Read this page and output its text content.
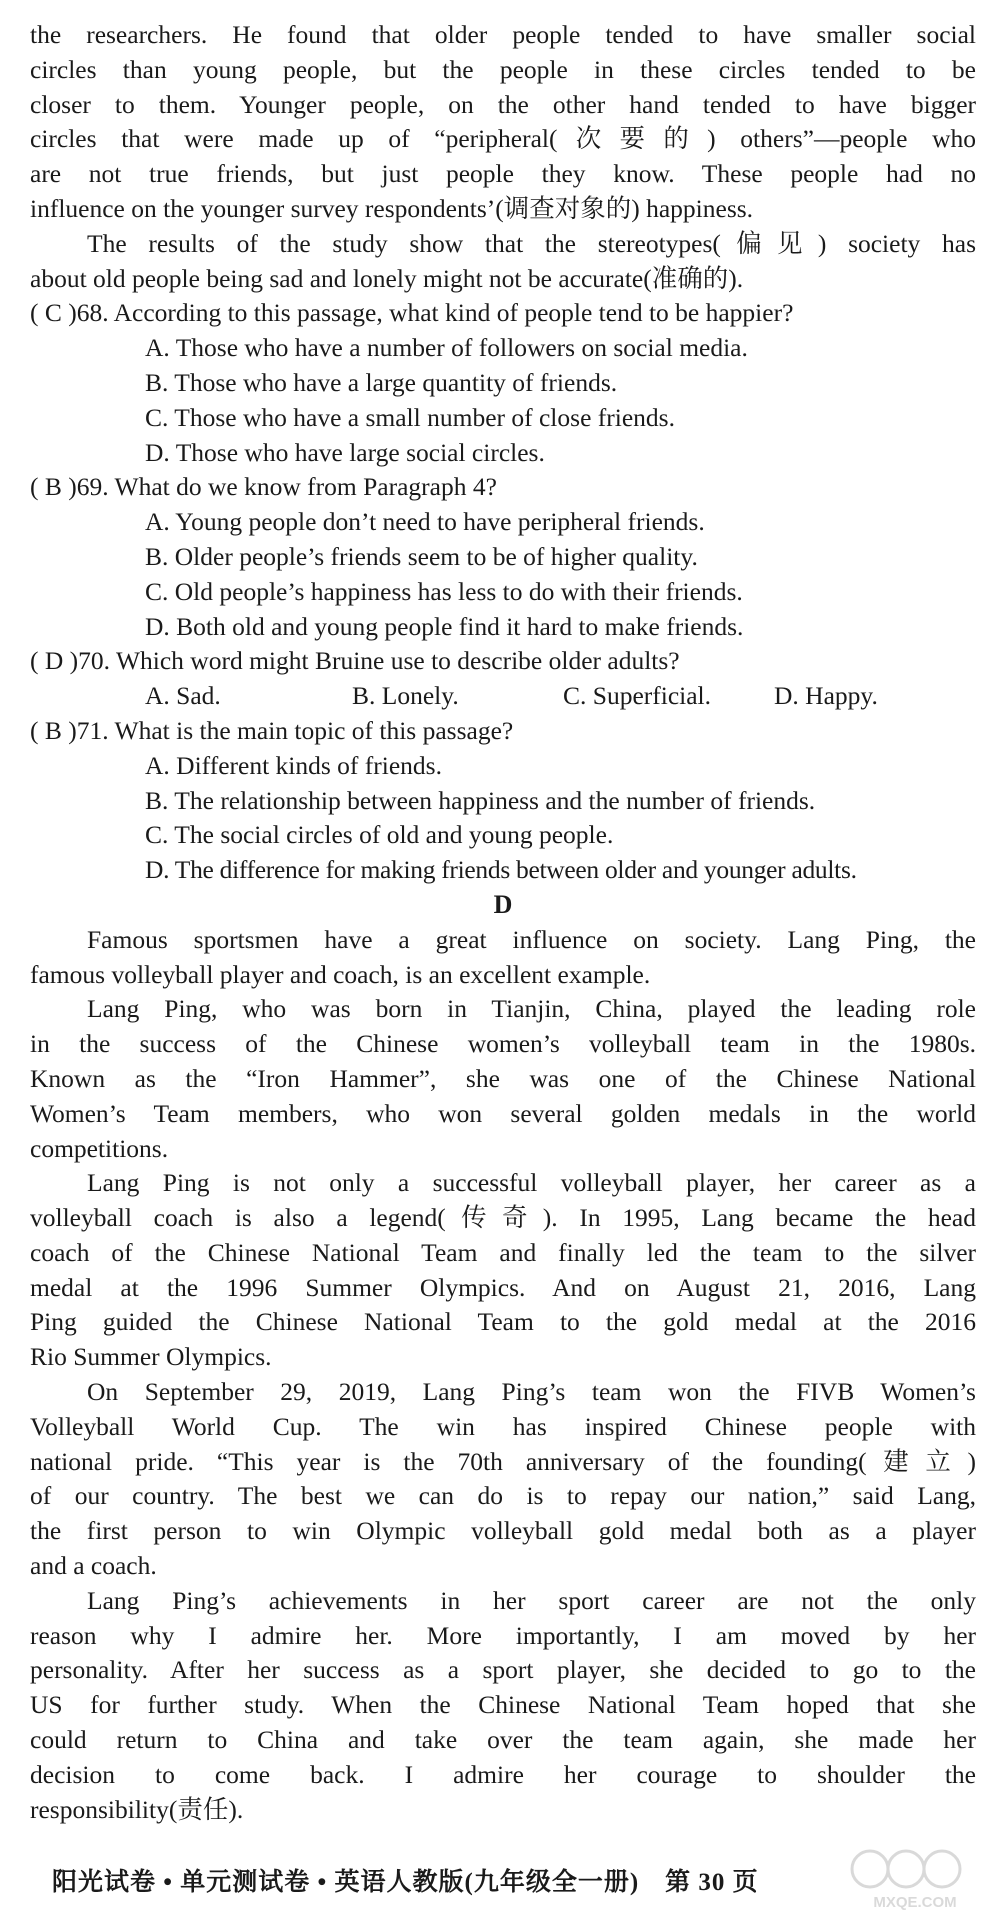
the researchers. He found that older people tended to have smaller social
circles than young people, but the people in these circles tended to be
closer to them. Younger people, on the other hand tended to have bigger
circles that were made up of “peripheral(次要的) others”—people who
are not true friends, but just people they know. These people had no
influence on the younger survey respondents’(调查对象的) happiness.
The results of the study show that the stereotypes(偏见) society has
about old people being sad and lonely might not be accurate(准确的).
( C )68. According to this passage, what kind of people tend to be happier?
A. Those who have a number of followers on social media.
B. Those who have a large quantity of friends.
C. Those who have a small number of close friends.
D. Those who have large social circles.
( B )69. What do we know from Paragraph 4?
A. Young people don’t need to have peripheral friends.
B. Older people’s friends seem to be of higher quality.
C. Old people’s happiness has less to do with their friends.
D. Both old and young people find it hard to make friends.
( D )70. Which word might Bruine use to describe older adults?
A. Sad.	B. Lonely.	C. Superficial.	D. Happy.
( B )71. What is the main topic of this passage?
A. Different kinds of friends.
B. The relationship between happiness and the number of friends.
C. The social circles of old and young people.
D. The difference for making friends between older and younger adults.
D
Famous sportsmen have a great influence on society. Lang Ping, the
famous volleyball player and coach, is an excellent example.
Lang Ping, who was born in Tianjin, China, played the leading role
in the success of the Chinese women’s volleyball team in the 1980s.
Known as the “Iron Hammer”, she was one of the Chinese National
Women’s Team members, who won several golden medals in the world
competitions.
Lang Ping is not only a successful volleyball player, her career as a
volleyball coach is also a legend(传奇). In 1995, Lang became the head
coach of the Chinese National Team and finally led the team to the silver
medal at the 1996 Summer Olympics. And on August 21, 2016, Lang
Ping guided the Chinese National Team to the gold medal at the 2016
Rio Summer Olympics.
On September 29, 2019, Lang Ping’s team won the FIVB Women’s
Volleyball World Cup. The win has inspired Chinese people with
national pride. “This year is the 70th anniversary of the founding(建立)
of our country. The best we can do is to repay our nation,” said Lang,
the first person to win Olympic volleyball gold medal both as a player
and a coach.
Lang Ping’s achievements in her sport career are not the only
reason why I admire her. More importantly, I am moved by her
personality. After her success as a sport player, she decided to go to the
US for further study. When the Chinese National Team hoped that she
could return to China and take over the team again, she made her
decision to come back. I admire her courage to shoulder the
responsibility(责任).
阳光试卷 • 单元测试卷 • 英语人教版(九年级全一册)　第 30 页
MXQE.COM
